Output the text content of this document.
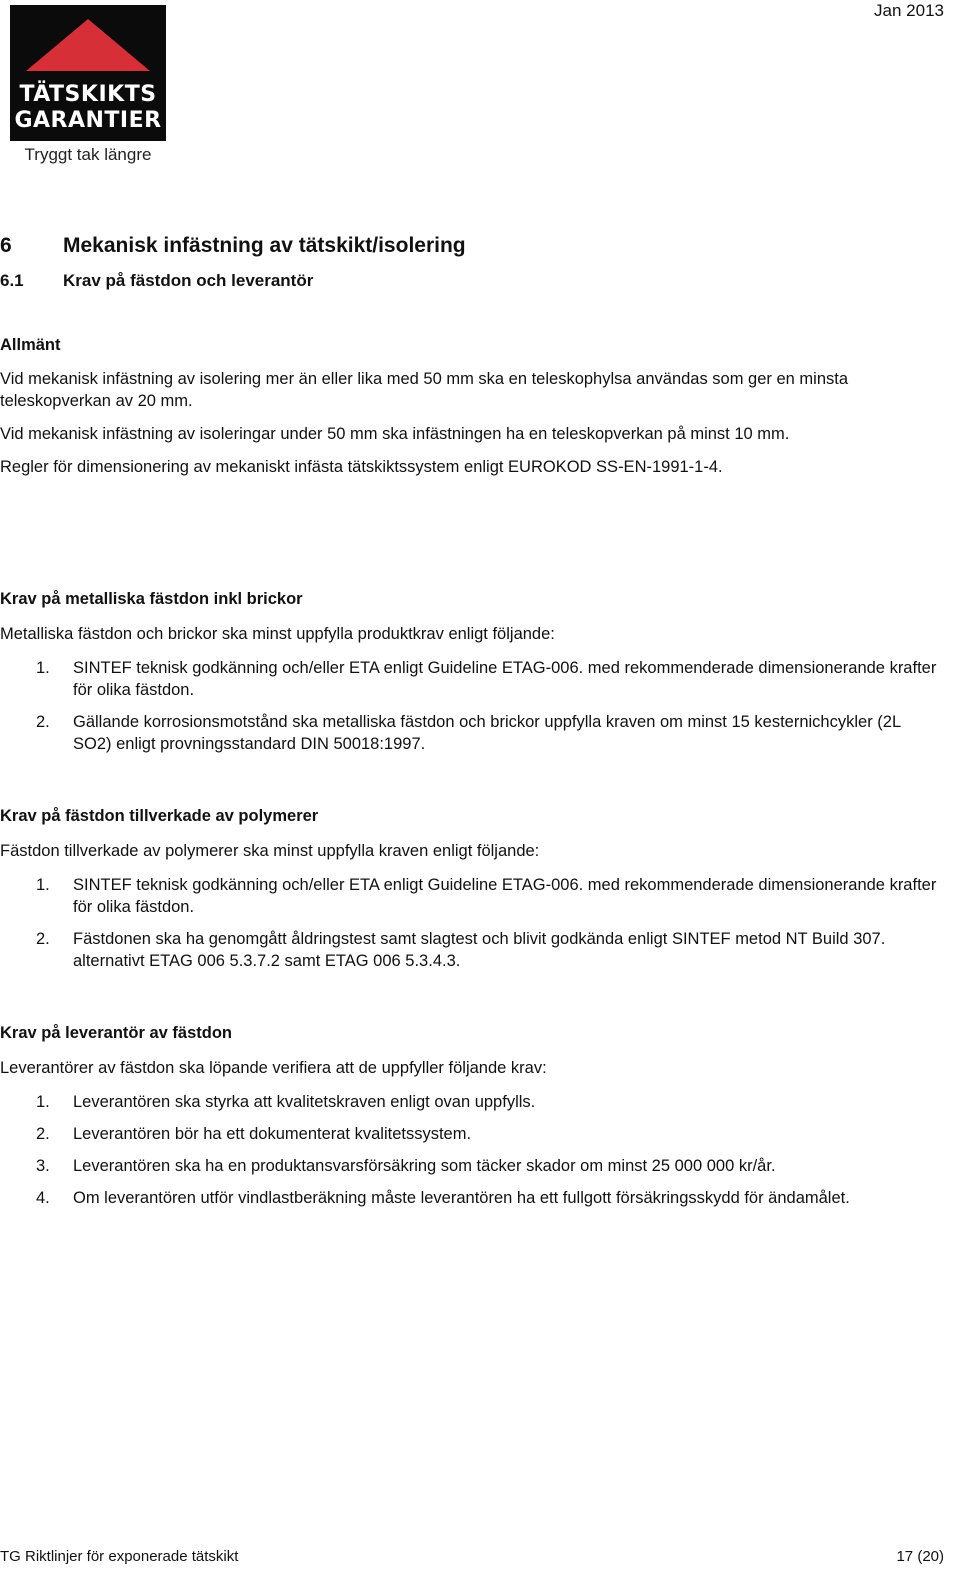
Jan 2013
TÄTSKIKTS
GARANTIER
Tryggt tak längre
6 Mekanisk infästning av tätskikt/isolering
6.1 Krav på fästdon och leverantör
Allmänt

Vid mekanisk infästning av isolering mer än eller lika med 50 mm ska en teleskophylsa användas som ger en minsta teleskopverkan av 20 mm.

Vid mekanisk infästning av isoleringar under 50 mm ska infästningen ha en teleskopverkan på minst 10 mm.

Regler för dimensionering av mekaniskt infästa tätskiktssystem enligt EUROKOD SS-EN-1991-1-4.

Krav på metalliska fästdon inkl brickor

Metalliska fästdon och brickor ska minst uppfylla produktkrav enligt följande:

1.	SINTEF teknisk godkänning och/eller ETA enligt Guideline ETAG-006. med rekommenderade dimensionerande krafter för olika fästdon.
2.	Gällande korrosionsmotstånd ska metalliska fästdon och brickor uppfylla kraven om minst 15 kesternichcykler (2L SO2) enligt provningsstandard DIN 50018:1997.
Krav på fästdon tillverkade av polymerer

Fästdon tillverkade av polymerer ska minst uppfylla kraven enligt följande:

1.	SINTEF teknisk godkänning och/eller ETA enligt Guideline ETAG-006. med rekommenderade dimensionerande krafter för olika fästdon.
2.	Fästdonen ska ha genomgått åldringstest samt slagtest och blivit godkända enligt SINTEF metod NT Build 307. alternativt ETAG 006 5.3.7.2 samt ETAG 006 5.3.4.3.
Krav på leverantör av fästdon

Leverantörer av fästdon ska löpande verifiera att de uppfyller följande krav:

1.	Leverantören ska styrka att kvalitetskraven enligt ovan uppfylls.
2.	Leverantören bör ha ett dokumenterat kvalitetssystem.
3.	Leverantören ska ha en produktansvarsförsäkring som täcker skador om minst 25 000 000 kr/år.
4.	Om leverantören utför vindlastberäkning måste leverantören ha ett fullgott försäkringsskydd för ändamålet.
TG Riktlinjer för exponerade tätskikt	17 (20)
